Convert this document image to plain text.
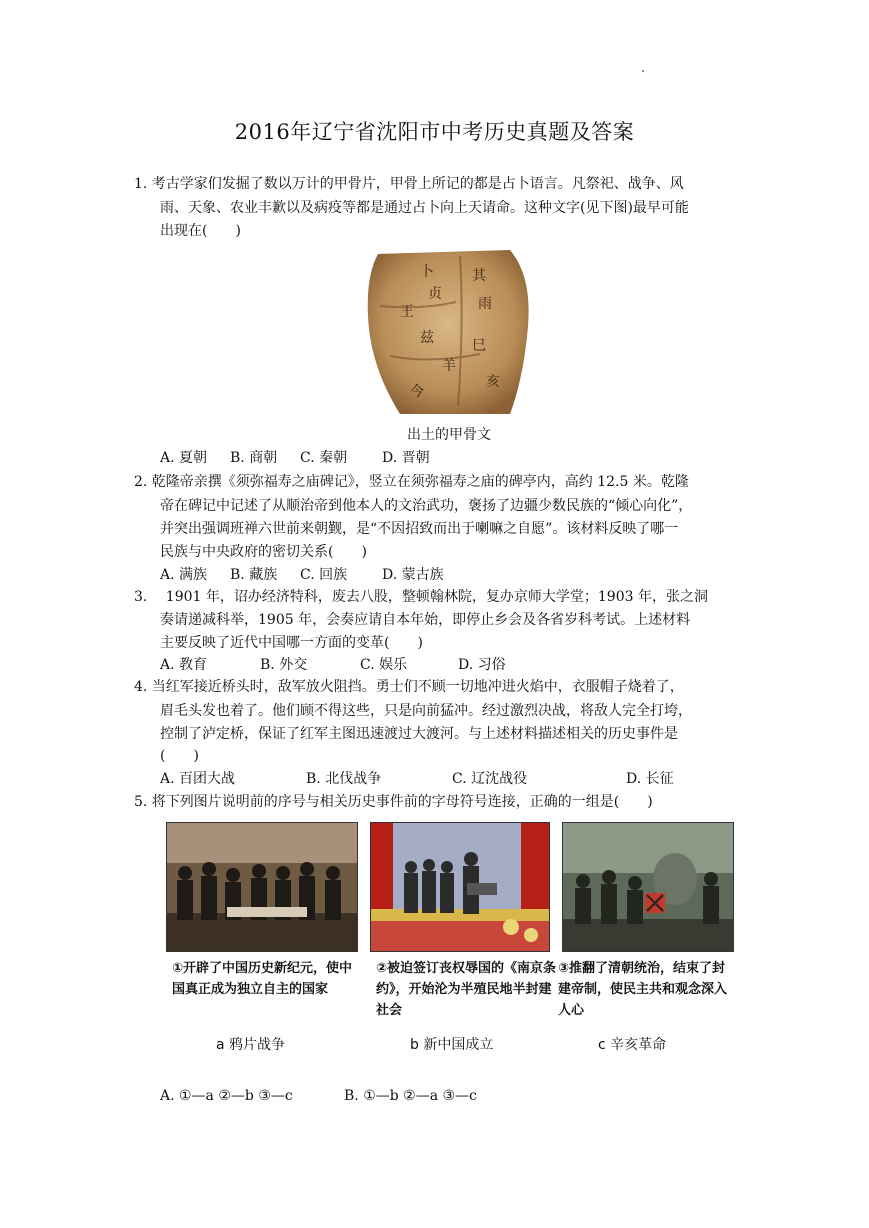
2016年辽宁省沈阳市中考历史真题及答案
1. 考古学家们发掘了数以万计的甲骨片，甲骨上所记的都是占卜语言。凡祭祀、战争、风
雨、天象、农业丰歉以及病疫等都是通过占卜向上天请命。这种文字(见下图)最早可能
出现在(　　)
卜
贞
王
其
雨
兹
羊
巳
亥
今
出土的甲骨文
A. 夏朝 B. 商朝 C. 秦朝 D. 晋朝
2. 乾隆帝亲撰《须弥福寿之庙碑记》，竖立在须弥福寿之庙的碑亭内，高约 12.5 米。乾隆
帝在碑记中记述了从顺治帝到他本人的文治武功，褒扬了边疆少数民族的“倾心向化”，
并突出强调班禅六世前来朝觐，是“不因招致而出于喇嘛之自愿”。该材料反映了哪一
民族与中央政府的密切关系(　　)
A. 满族 B. 藏族 C. 回族 D. 蒙古族
3.　 1901 年，诏办经济特科，废去八股，整顿翰林院，复办京师大学堂；1903 年，张之洞
奏请递减科举，1905 年，会奏应请自本年始，即停止乡会及各省岁科考试。上述材料
主要反映了近代中国哪一方面的变革(　　)
A. 教育	B. 外交	C. 娱乐	D. 习俗
4. 当红军接近桥头时，敌军放火阻挡。勇士们不顾一切地冲进火焰中，衣服帽子烧着了，
眉毛头发也着了。他们顾不得这些，只是向前猛冲。经过激烈决战，将敌人完全打垮，
控制了泸定桥，保证了红军主图迅速渡过大渡河。与上述材料描述相关的历史事件是
(　　)
A. 百团大战	B. 北伐战争	C. 辽沈战役	D. 长征
5. 将下列图片说明前的序号与相关历史事件前的字母符号连接，正确的一组是(　　)
①开辟了中国历史新纪元，使中国真正成为独立自主的国家
②被迫签订丧权辱国的《南京条约》，开始沦为半殖民地半封建社会
③推翻了清朝统治，结束了封建帝制，使民主共和观念深入人心
a 鸦片战争	b 新中国成立	c 辛亥革命
A. ①—a ②—b ③—c	B. ①—b ②—a ③—c
